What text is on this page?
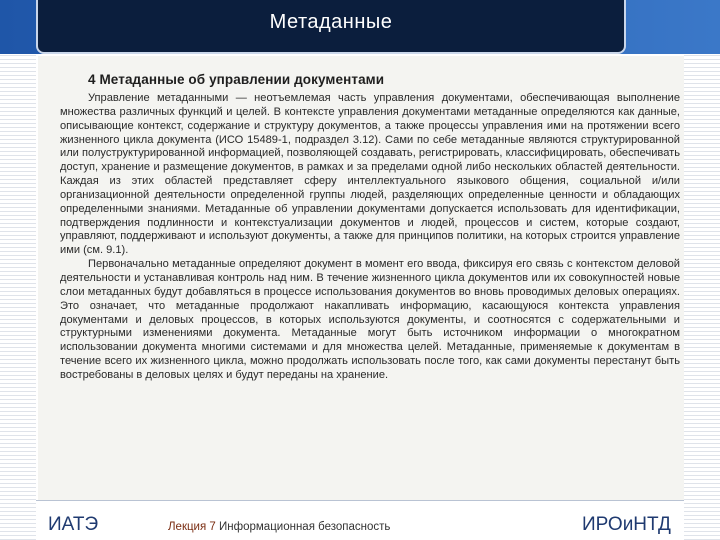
Метаданные
4 Метаданные об управлении документами

Управление метаданными — неотъемлемая часть управления документами, обеспечивающая выполнение множества различных функций и целей. В контексте управления документами метаданные определяются как данные, описывающие контекст, содержание и структуру документов, а также процессы управления ими на протяжении всего жизненного цикла документа (ИСО 15489-1, подраздел 3.12). Сами по себе метаданные являются структурированной или полуструктурированной информацией, позволяющей создавать, регистрировать, классифицировать, обеспечивать доступ, хранение и размещение документов, в рамках и за пределами одной либо нескольких областей деятельности. Каждая из этих областей представляет сферу интеллектуального языкового общения, социальной и/или организационной деятельности определенной группы людей, разделяющих определенные ценности и обладающих определенными знаниями. Метаданные об управлении документами допускается использовать для идентификации, подтверждения подлинности и контекстуализации документов и людей, процессов и систем, которые создают, управляют, поддерживают и используют документы, а также для принципов политики, на которых строится управление ими (см. 9.1).

Первоначально метаданные определяют документ в момент его ввода, фиксируя его связь с контекстом деловой деятельности и устанавливая контроль над ним. В течение жизненного цикла документов или их совокупностей новые слои метаданных будут добавляться в процессе использования документов во вновь проводимых деловых операциях. Это означает, что метаданные продолжают накапливать информацию, касающуюся контекста управления документами и деловых процессов, в которых используются документы, и соотносятся с содержательными и структурными изменениями документа. Метаданные могут быть источником информации о многократном использовании документа многими системами и для множества целей. Метаданные, применяемые к документам в течение всего их жизненного цикла, можно продолжать использовать после того, как сами документы перестанут быть востребованы в деловых целях и будут переданы на хранение.

ИАТЭ	Лекция 7 Информационная безопасность	ИРОиНТД
